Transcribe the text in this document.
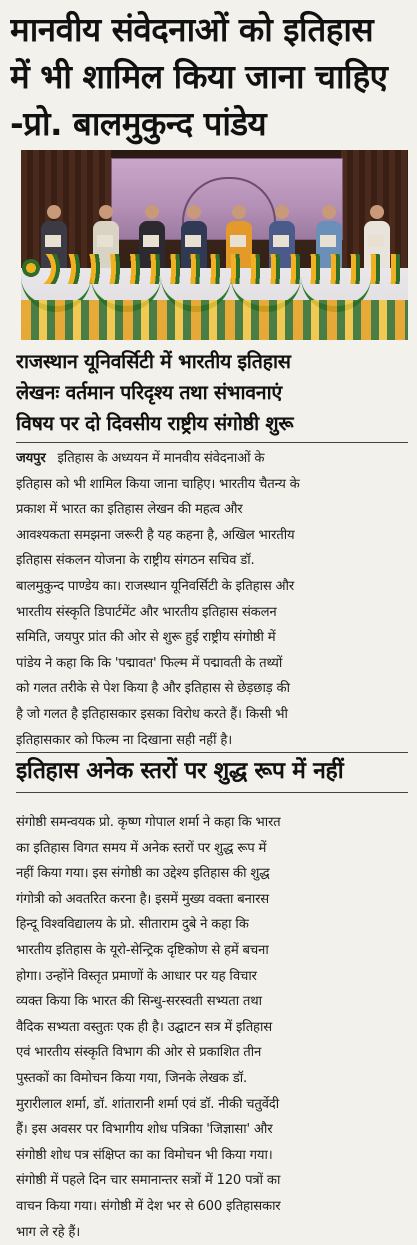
मानवीय संवेदनाओं को इतिहास
में भी शामिल किया जाना चाहिए
-प्रो. बालमुकुन्द पांडेय
राजस्थान यूनिवर्सिटी में भारतीय इतिहास
लेखनः वर्तमान परिदृश्य तथा संभावनाएं
विषय पर दो दिवसीय राष्ट्रीय संगोष्ठी शुरू
जयपुर इतिहास के अध्ययन में मानवीय संवेदनाओं के
इतिहास को भी शामिल किया जाना चाहिए। भारतीय चैतन्य के
प्रकाश में भारत का इतिहास लेखन की महत्व और
आवश्यकता समझना जरूरी है यह कहना है, अखिल भारतीय
इतिहास संकलन योजना के राष्ट्रीय संगठन सचिव डॉ.
बालमुकुन्द पाण्डेय का। राजस्थान यूनिवर्सिटी के इतिहास और
भारतीय संस्कृति डिपार्टमेंट और भारतीय इतिहास संकलन
समिति, जयपुर प्रांत की ओर से शुरू हुई राष्ट्रीय संगोष्ठी में
पांडेय ने कहा कि कि 'पद्मावत' फिल्म में पद्मावती के तथ्यों
को गलत तरीके से पेश किया है और इतिहास से छेड़छाड़ की
है जो गलत है इतिहासकार इसका विरोध करते हैं। किसी भी
इतिहासकार को फिल्म ना दिखाना सही नहीं है।
इतिहास अनेक स्तरों पर शुद्ध रूप में नहीं
संगोष्ठी समन्वयक प्रो. कृष्ण गोपाल शर्मा ने कहा कि भारत
का इतिहास विगत समय में अनेक स्तरों पर शुद्ध रूप में
नहीं किया गया। इस संगोष्ठी का उद्देश्य इतिहास की शुद्ध
गंगोत्री को अवतरित करना है। इसमें मुख्य वक्ता बनारस
हिन्दू विश्वविद्यालय के प्रो. सीताराम दुबे ने कहा कि
भारतीय इतिहास के यूरो-सेन्ट्रिक दृष्टिकोण से हमें बचना
होगा। उन्होंने विस्तृत प्रमाणों के आधार पर यह विचार
व्यक्त किया कि भारत की सिन्धु-सरस्वती सभ्यता तथा
वैदिक सभ्यता वस्तुतः एक ही है। उद्घाटन सत्र में इतिहास
एवं भारतीय संस्कृति विभाग की ओर से प्रकाशित तीन
पुस्तकों का विमोचन किया गया, जिनके लेखक डॉ.
मुरारीलाल शर्मा, डॉ. शांतारानी शर्मा एवं डॉ. नीकी चतुर्वेदी
हैं। इस अवसर पर विभागीय शोध पत्रिका 'जिज्ञासा' और
संगोष्ठी शोध पत्र संक्षिप्त का का विमोचन भी किया गया।
संगोष्ठी में पहले दिन चार समानान्तर सत्रों में 120 पत्रों का
वाचन किया गया। संगोष्ठी में देश भर से 600 इतिहासकार
भाग ले रहे हैं।
